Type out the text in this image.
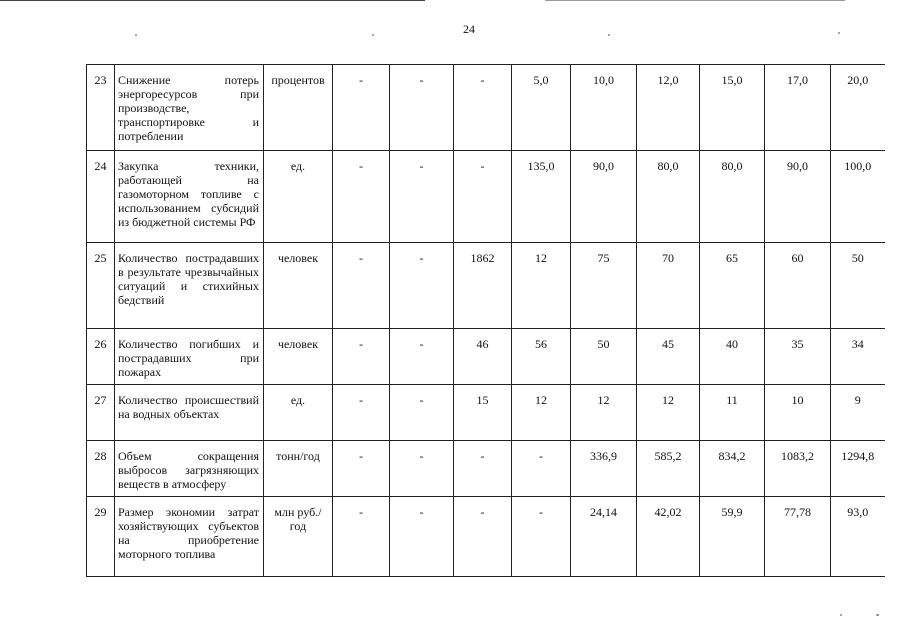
24
23	Снижение потерь энергоресурсов при производстве, транспортировке и потреблении	процентов	-	-	-	5,0	10,0	12,0	15,0	17,0	20,0
24	Закупка техники, работающей на газомоторном топливе с использованием субсидий из бюджетной системы РФ	ед.	-	-	-	135,0	90,0	80,0	80,0	90,0	100,0
25	Количество пострадавших в результате чрезвычайных ситуаций и стихийных бедствий	человек	-	-	1862	12	75	70	65	60	50
26	Количество погибших и пострадавших при пожарах	человек	-	-	46	56	50	45	40	35	34
27	Количество происшествий на водных объектах	ед.	-	-	15	12	12	12	11	10	9
28	Объем сокращения выбросов загрязняющих веществ в атмосферу	тонн/год	-	-	-	-	336,9	585,2	834,2	1083,2	1294,8
29	Размер экономии затрат хозяйствующих субъектов на приобретение моторного топлива	млн руб./год	-	-	-	-	24,14	42,02	59,9	77,78	93,0
